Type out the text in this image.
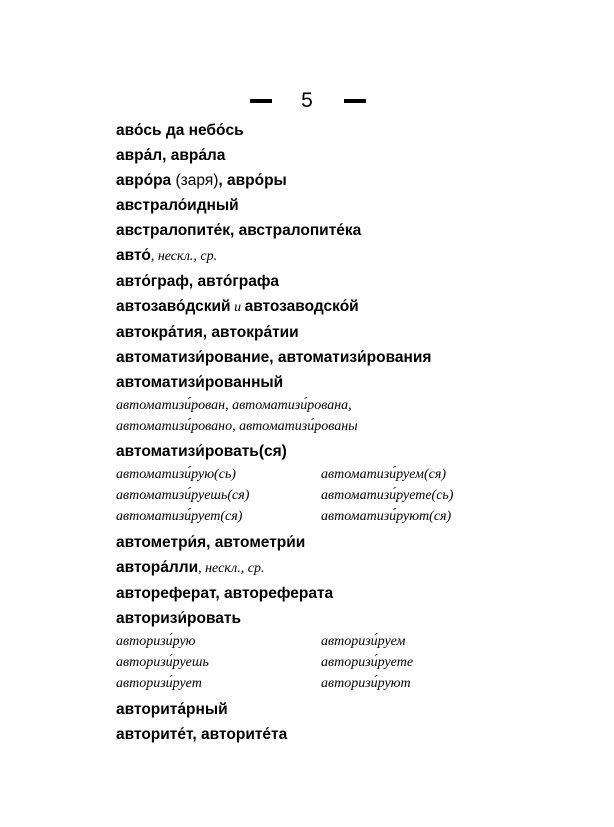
5
аво́сь да небо́сь
авра́л, авра́ла
авро́ра (заря), авро́ры
австрало́идный
австралопите́к, австралопите́ка
авто́, нескл., ср.
авто́граф, авто́графа
автозаво́дский и автозаводско́й
автокра́тия, автокра́тии
автоматизи́рование, автоматизи́рования
автоматизи́рованный
автоматизи́рован, автоматизи́рована,
автоматизи́ровано, автоматизи́рованы
автоматизи́ровать(ся)
автоматизи́рую(сь)	автоматизи́руем(ся)
автоматизи́руешь(ся)	автоматизи́руете(сь)
автоматизи́рует(ся)	автоматизи́руют(ся)
автометри́я, автометри́и
автора́лли, нескл., ср.
автореферат, автореферата
авторизи́ровать
авторизи́рую	авторизи́руем
авторизи́руешь	авторизи́руете
авторизи́рует	авторизи́руют
авторита́рный
авторите́т, авторите́та
